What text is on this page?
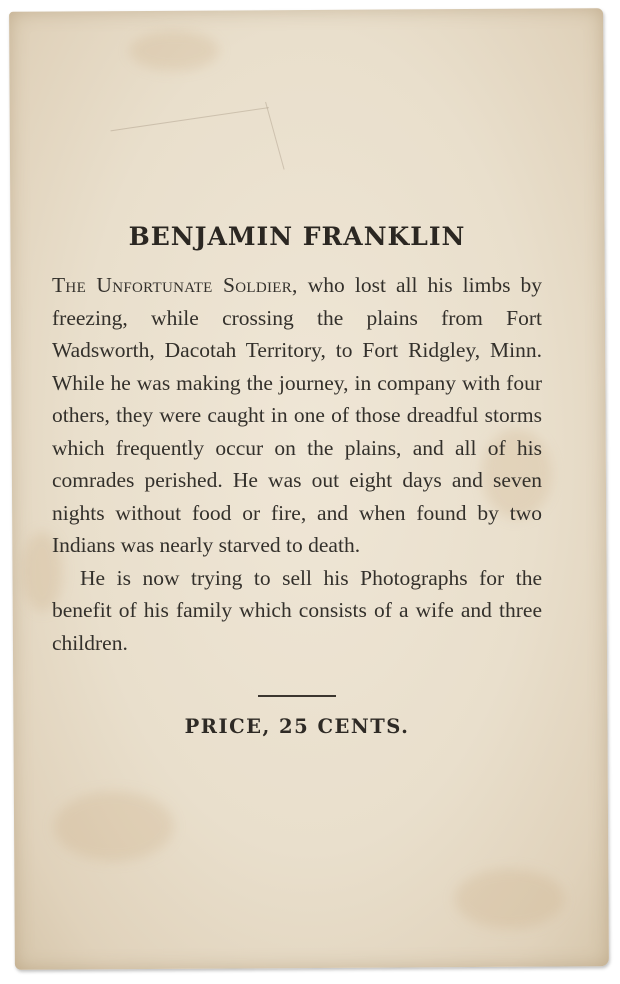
BENJAMIN FRANKLIN

The Unfortunate Soldier, who lost all his limbs by freezing, while crossing the plains from Fort Wadsworth, Dacotah Territory, to Fort Ridgley, Minn. While he was making the journey, in company with four others, they were caught in one of those dreadful storms which frequently occur on the plains, and all of his comrades perished. He was out eight days and seven nights without food or fire, and when found by two Indians was nearly starved to death.

He is now trying to sell his Photographs for the benefit of his family which consists of a wife and three children.

PRICE, 25 CENTS.
